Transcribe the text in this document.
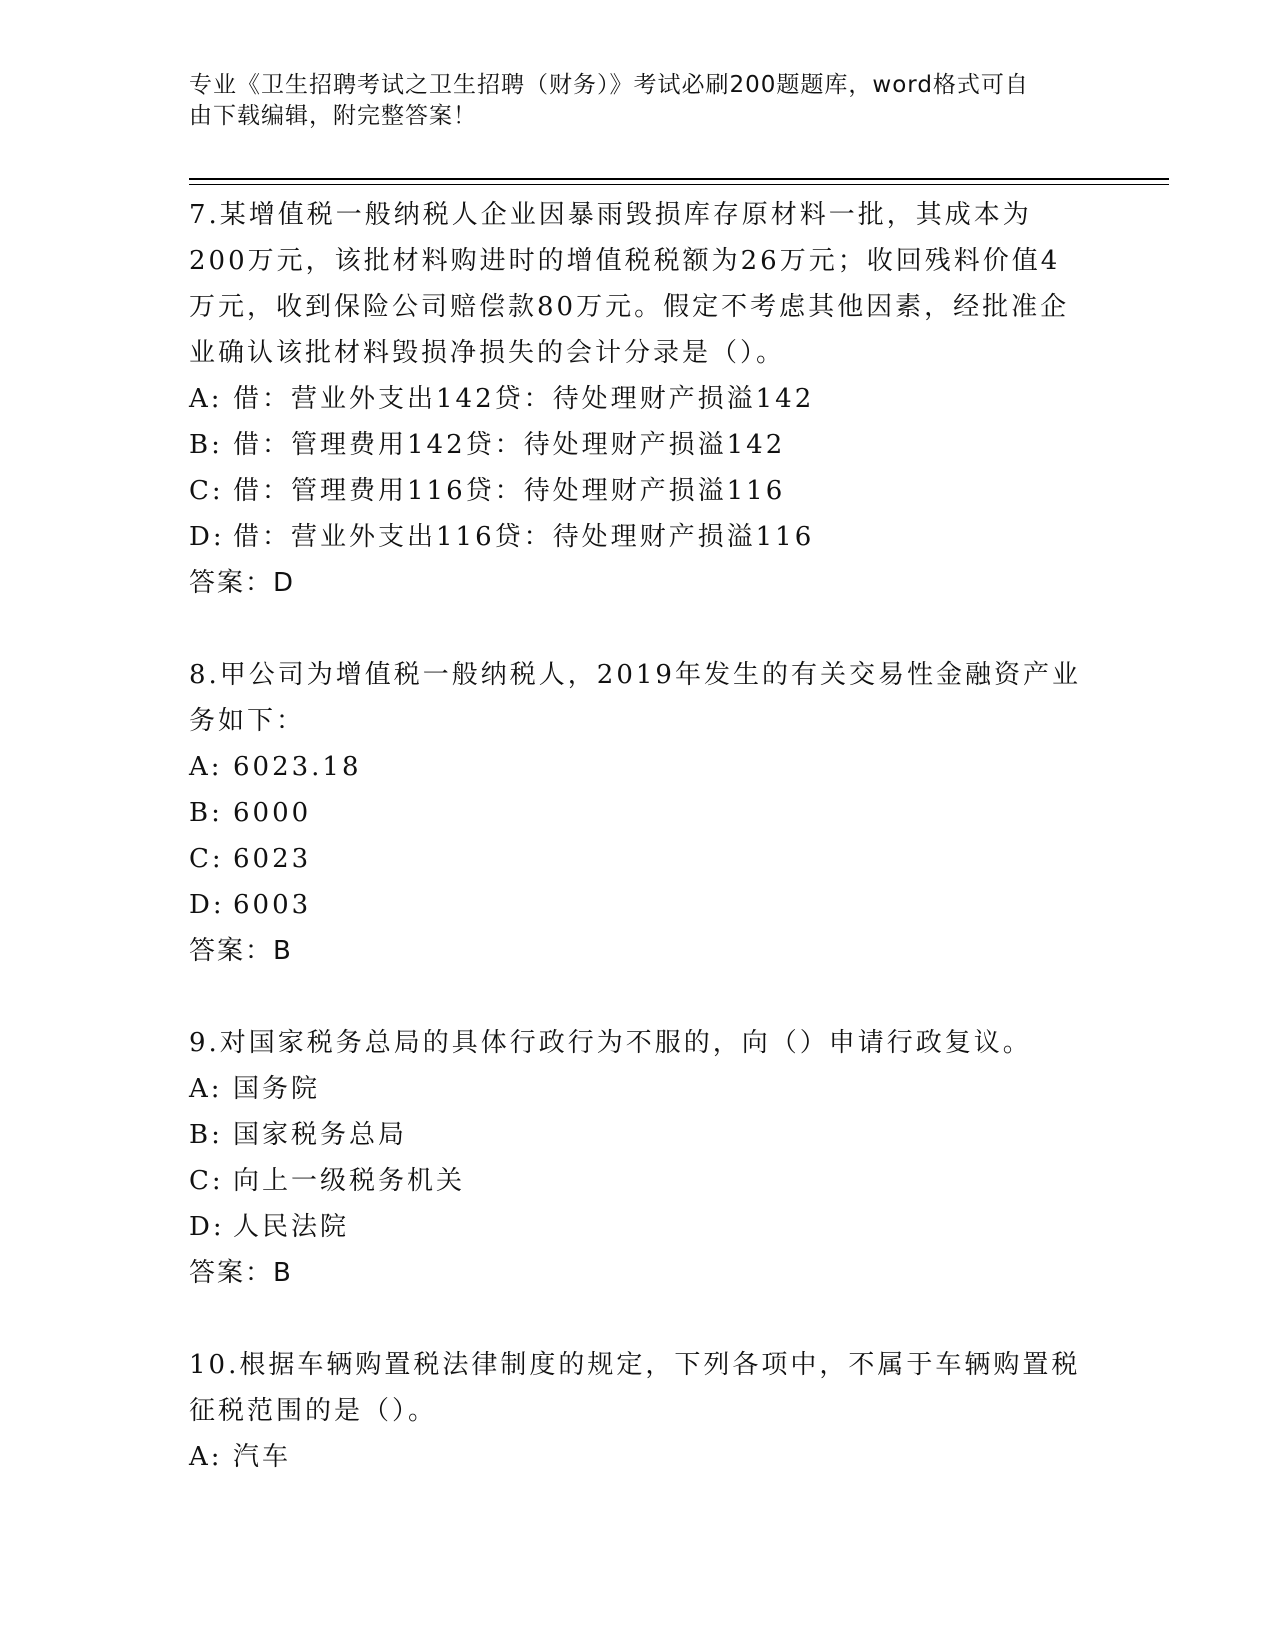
专业《卫生招聘考试之卫生招聘（财务）》考试必刷200题题库，word格式可自
由下载编辑，附完整答案！

7.某增值税一般纳税人企业因暴雨毁损库存原材料一批，其成本为200万元，该批材料购进时的增值税税额为26万元；收回残料价值4万元，收到保险公司赔偿款80万元。假定不考虑其他因素，经批准企业确认该批材料毁损净损失的会计分录是（）。

A: 借：营业外支出142贷：待处理财产损溢142
B: 借：管理费用142贷：待处理财产损溢142
C: 借：管理费用116贷：待处理财产损溢116
D: 借：营业外支出116贷：待处理财产损溢116
答案：D

8.甲公司为增值税一般纳税人，2019年发生的有关交易性金融资产业务如下：

A: 6023.18
B: 6000
C: 6023
D: 6003
答案：B

9.对国家税务总局的具体行政行为不服的，向（）申请行政复议。

A: 国务院
B: 国家税务总局
C: 向上一级税务机关
D: 人民法院
答案：B

10.根据车辆购置税法律制度的规定，下列各项中，不属于车辆购置税征税范围的是（）。

A: 汽车
